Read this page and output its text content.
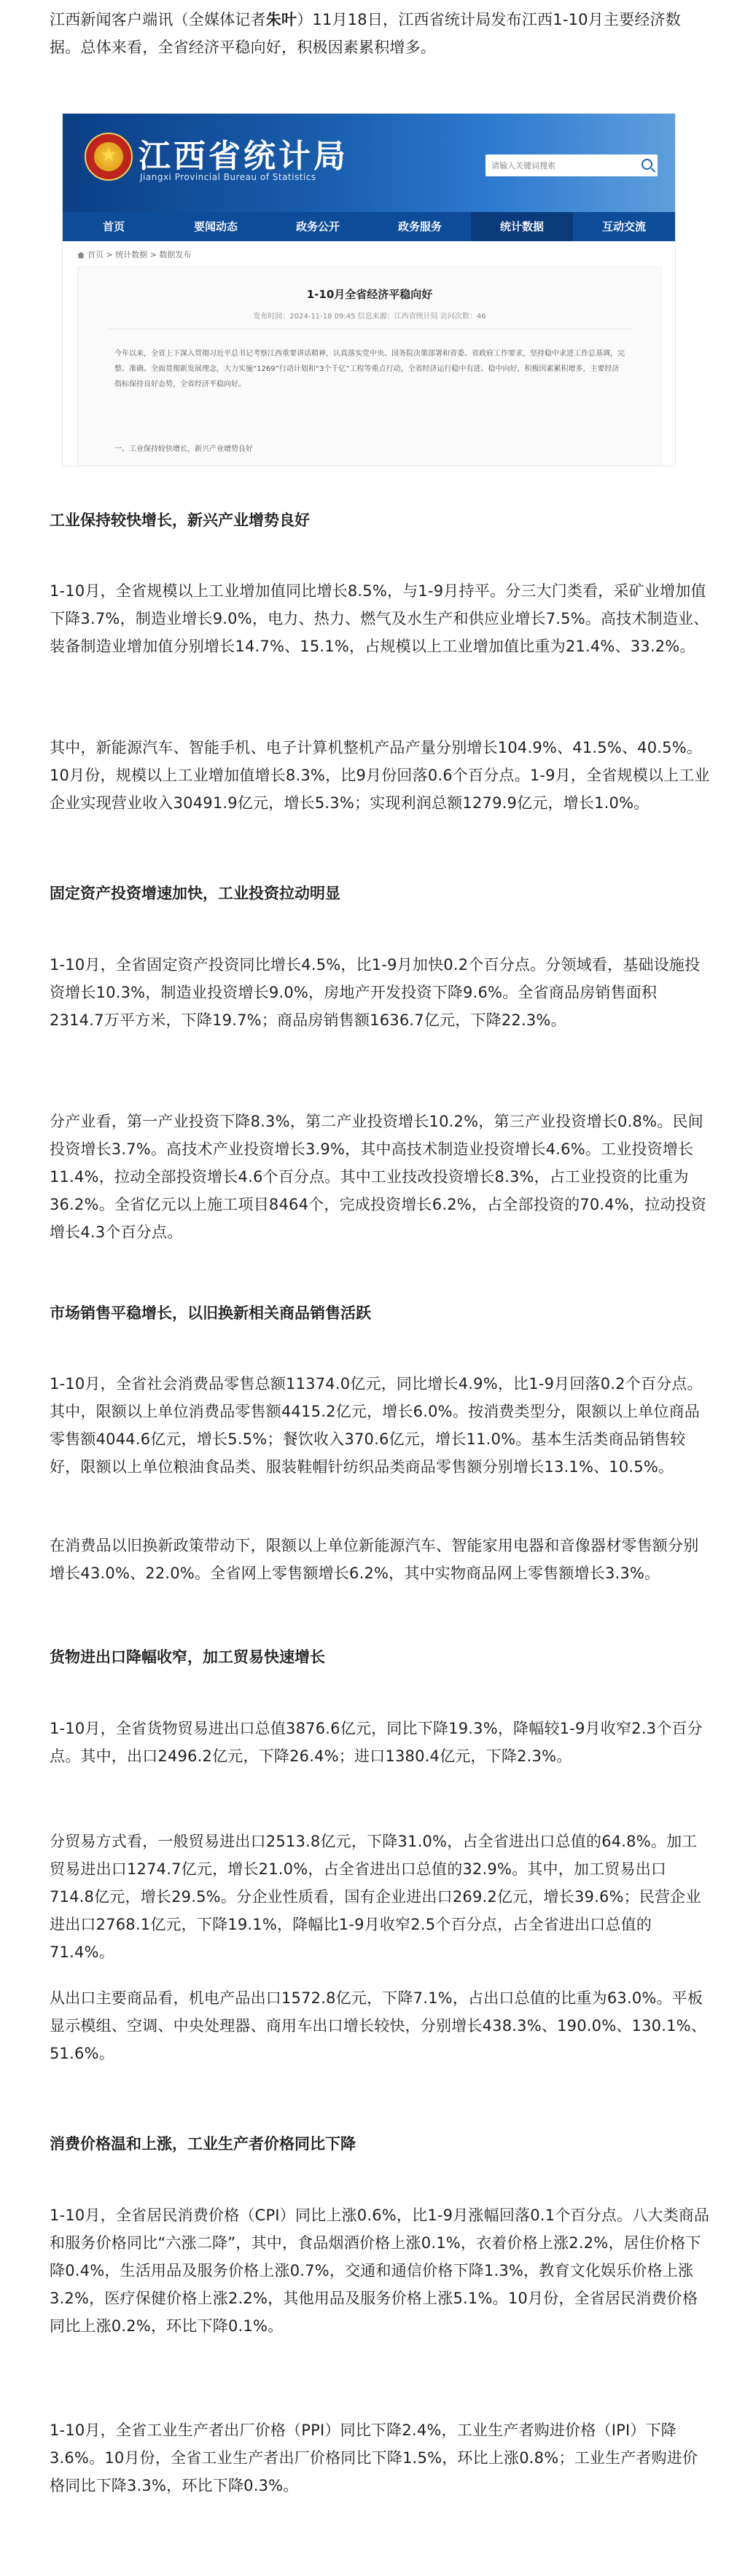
江西新闻客户端讯（全媒体记者朱叶）11月18日，江西省统计局发布江西1-10月主要经济数据。总体来看，全省经济平稳向好，积极因素累积增多。

★ 江西省统计局
Jiangxi Provincial Bureau of Statistics
请输入关键词搜索
首页	要闻动态	政务公开	政务服务	统计数据	互动交流
首页 > 统计数据 > 数据发布
1-10月全省经济平稳向好
发布时间：2024-11-18 09:45 信息来源：江西省统计局 访问次数：46
今年以来，全省上下深入贯彻习近平总书记考察江西重要讲话精神，认真落实党中央、国务院决策部署和省委、省政府工作要求，坚持稳中求进工作总基调，完整、准确、全面贯彻新发展理念，大力实施“1269”行动计划和“3个千亿”工程等重点行动，全省经济运行稳中有进、稳中向好，积极因素累积增多，主要经济指标保持良好态势，全省经济平稳向好。
一、工业保持较快增长，新兴产业增势良好

工业保持较快增长，新兴产业增势良好

1-10月，全省规模以上工业增加值同比增长8.5%，与1-9月持平。分三大门类看，采矿业增加值下降3.7%，制造业增长9.0%，电力、热力、燃气及水生产和供应业增长7.5%。高技术制造业、装备制造业增加值分别增长14.7%、15.1%，占规模以上工业增加值比重为21.4%、33.2%。

其中，新能源汽车、智能手机、电子计算机整机产品产量分别增长104.9%、41.5%、40.5%。10月份，规模以上工业增加值增长8.3%，比9月份回落0.6个百分点。1-9月，全省规模以上工业企业实现营业收入30491.9亿元，增长5.3%；实现利润总额1279.9亿元，增长1.0%。

固定资产投资增速加快，工业投资拉动明显

1-10月，全省固定资产投资同比增长4.5%，比1-9月加快0.2个百分点。分领域看，基础设施投资增长10.3%，制造业投资增长9.0%，房地产开发投资下降9.6%。全省商品房销售面积2314.7万平方米，下降19.7%；商品房销售额1636.7亿元，下降22.3%。

分产业看，第一产业投资下降8.3%，第二产业投资增长10.2%，第三产业投资增长0.8%。民间投资增长3.7%。高技术产业投资增长3.9%，其中高技术制造业投资增长4.6%。工业投资增长11.4%，拉动全部投资增长4.6个百分点。其中工业技改投资增长8.3%，占工业投资的比重为36.2%。全省亿元以上施工项目8464个，完成投资增长6.2%，占全部投资的70.4%，拉动投资增长4.3个百分点。

市场销售平稳增长，以旧换新相关商品销售活跃

1-10月，全省社会消费品零售总额11374.0亿元，同比增长4.9%，比1-9月回落0.2个百分点。其中，限额以上单位消费品零售额4415.2亿元，增长6.0%。按消费类型分，限额以上单位商品零售额4044.6亿元，增长5.5%；餐饮收入370.6亿元，增长11.0%。基本生活类商品销售较好，限额以上单位粮油食品类、服装鞋帽针纺织品类商品零售额分别增长13.1%、10.5%。

在消费品以旧换新政策带动下，限额以上单位新能源汽车、智能家用电器和音像器材零售额分别增长43.0%、22.0%。全省网上零售额增长6.2%，其中实物商品网上零售额增长3.3%。

货物进出口降幅收窄，加工贸易快速增长

1-10月，全省货物贸易进出口总值3876.6亿元，同比下降19.3%，降幅较1-9月收窄2.3个百分点。其中，出口2496.2亿元，下降26.4%；进口1380.4亿元，下降2.3%。

分贸易方式看，一般贸易进出口2513.8亿元，下降31.0%，占全省进出口总值的64.8%。加工贸易进出口1274.7亿元，增长21.0%，占全省进出口总值的32.9%。其中，加工贸易出口714.8亿元，增长29.5%。分企业性质看，国有企业进出口269.2亿元，增长39.6%；民营企业进出口2768.1亿元，下降19.1%，降幅比1-9月收窄2.5个百分点，占全省进出口总值的71.4%。

从出口主要商品看，机电产品出口1572.8亿元，下降7.1%，占出口总值的比重为63.0%。平板显示模组、空调、中央处理器、商用车出口增长较快，分别增长438.3%、190.0%、130.1%、51.6%。

消费价格温和上涨，工业生产者价格同比下降

1-10月，全省居民消费价格（CPI）同比上涨0.6%，比1-9月涨幅回落0.1个百分点。八大类商品和服务价格同比“六涨二降”，其中，食品烟酒价格上涨0.1%，衣着价格上涨2.2%，居住价格下降0.4%，生活用品及服务价格上涨0.7%，交通和通信价格下降1.3%，教育文化娱乐价格上涨3.2%，医疗保健价格上涨2.2%，其他用品及服务价格上涨5.1%。10月份，全省居民消费价格同比上涨0.2%，环比下降0.1%。

1-10月，全省工业生产者出厂价格（PPI）同比下降2.4%，工业生产者购进价格（IPI）下降3.6%。10月份，全省工业生产者出厂价格同比下降1.5%，环比上涨0.8%；工业生产者购进价格同比下降3.3%，环比下降0.3%。
